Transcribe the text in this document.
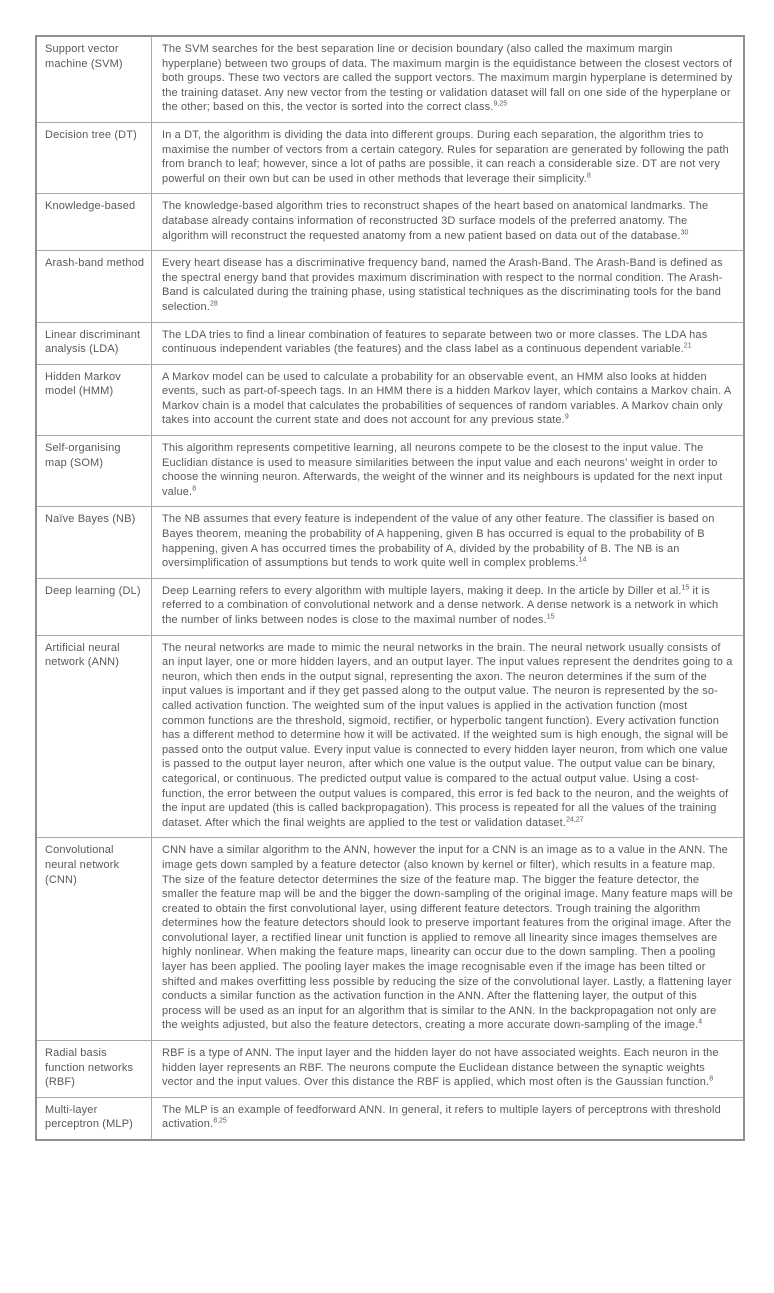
Support vector machine (SVM)	The SVM searches for the best separation line or decision boundary (also called the maximum margin hyperplane) between two groups of data. The maximum margin is the equidistance between the closest vectors of both groups. These two vectors are called the support vectors. The maximum margin hyperplane is determined by the training dataset. Any new vector from the testing or validation dataset will fall on one side of the hyperplane or the other; based on this, the vector is sorted into the correct class.$^{9,25}$
Decision tree (DT)	In a DT, the algorithm is dividing the data into different groups. During each separation, the algorithm tries to maximise the number of vectors from a certain category. Rules for separation are generated by following the path from branch to leaf; however, since a lot of paths are possible, it can reach a considerable size. DT are not very powerful on their own but can be used in other methods that leverage their simplicity.$^8$
Knowledge-based	The knowledge-based algorithm tries to reconstruct shapes of the heart based on anatomical landmarks. The database already contains information of reconstructed 3D surface models of the preferred anatomy. The algorithm will reconstruct the requested anatomy from a new patient based on data out of the database.$^{30}$
Arash-band method	Every heart disease has a discriminative frequency band, named the Arash-Band. The Arash-Band is defined as the spectral energy band that provides maximum discrimination with respect to the normal condition. The Arash-Band is calculated during the training phase, using statistical techniques as the discriminating tools for the band selection.$^{28}$
Linear discriminant analysis (LDA)	The LDA tries to find a linear combination of features to separate between two or more classes. The LDA has continuous independent variables (the features) and the class label as a continuous dependent variable.$^{21}$
Hidden Markov model (HMM)	A Markov model can be used to calculate a probability for an observable event, an HMM also looks at hidden events, such as part-of-speech tags. In an HMM there is a hidden Markov layer, which contains a Markov chain. A Markov chain is a model that calculates the probabilities of sequences of random variables. A Markov chain only takes into account the current state and does not account for any previous state.$^9$
Self-organising map (SOM)	This algorithm represents competitive learning, all neurons compete to be the closest to the input value. The Euclidian distance is used to measure similarities between the input value and each neurons’ weight in order to choose the winning neuron. Afterwards, the weight of the winner and its neighbours is updated for the next input value.$^8$
Naïve Bayes (NB)	The NB assumes that every feature is independent of the value of any other feature. The classifier is based on Bayes theorem, meaning the probability of A happening, given B has occurred is equal to the probability of B happening, given A has occurred times the probability of A, divided by the probability of B. The NB is an oversimplification of assumptions but tends to work quite well in complex problems.$^{14}$
Deep learning (DL)	Deep Learning refers to every algorithm with multiple layers, making it deep. In the article by Diller et al.$^{15}$ it is referred to a combination of convolutional network and a dense network. A dense network is a network in which the number of links between nodes is close to the maximal number of nodes.$^{15}$
Artificial neural network (ANN)	The neural networks are made to mimic the neural networks in the brain. The neural network usually consists of an input layer, one or more hidden layers, and an output layer. The input values represent the dendrites going to a neuron, which then ends in the output signal, representing the axon. The neuron determines if the sum of the input values is important and if they get passed along to the output value. The neuron is represented by the so-called activation function. The weighted sum of the input values is applied in the activation function (most common functions are the threshold, sigmoid, rectifier, or hyperbolic tangent function). Every activation function has a different method to determine how it will be activated. If the weighted sum is high enough, the signal will be passed onto the output value. Every input value is connected to every hidden layer neuron, from which one value is passed to the output layer neuron, after which one value is the output value. The output value can be binary, categorical, or continuous. The predicted output value is compared to the actual output value. Using a cost-function, the error between the output values is compared, this error is fed back to the neuron, and the weights of the input are updated (this is called backpropagation). This process is repeated for all the values of the training dataset. After which the final weights are applied to the test or validation dataset.$^{24,27}$
Convolutional neural network (CNN)	CNN have a similar algorithm to the ANN, however the input for a CNN is an image as to a value in the ANN. The image gets down sampled by a feature detector (also known by kernel or filter), which results in a feature map. The size of the feature detector determines the size of the feature map. The bigger the feature detector, the smaller the feature map will be and the bigger the down-sampling of the original image. Many feature maps will be created to obtain the first convolutional layer, using different feature detectors. Trough training the algorithm determines how the feature detectors should look to preserve important features from the original image. After the convolutional layer, a rectified linear unit function is applied to remove all linearity since images themselves are highly nonlinear. When making the feature maps, linearity can occur due to the down sampling. Then a pooling layer has been applied. The pooling layer makes the image recognisable even if the image has been tilted or shifted and makes overfitting less possible by reducing the size of the convolutional layer. Lastly, a flattening layer conducts a similar function as the activation function in the ANN. After the flattening layer, the output of this process will be used as an input for an algorithm that is similar to the ANN. In the backpropagation not only are the weights adjusted, but also the feature detectors, creating a more accurate down-sampling of the image.$^4$
Radial basis function networks (RBF)	RBF is a type of ANN. The input layer and the hidden layer do not have associated weights. Each neuron in the hidden layer represents an RBF. The neurons compute the Euclidean distance between the synaptic weights vector and the input values. Over this distance the RBF is applied, which most often is the Gaussian function.$^8$
Multi-layer perceptron (MLP)	The MLP is an example of feedforward ANN. In general, it refers to multiple layers of perceptrons with threshold activation.$^{8,25}$
